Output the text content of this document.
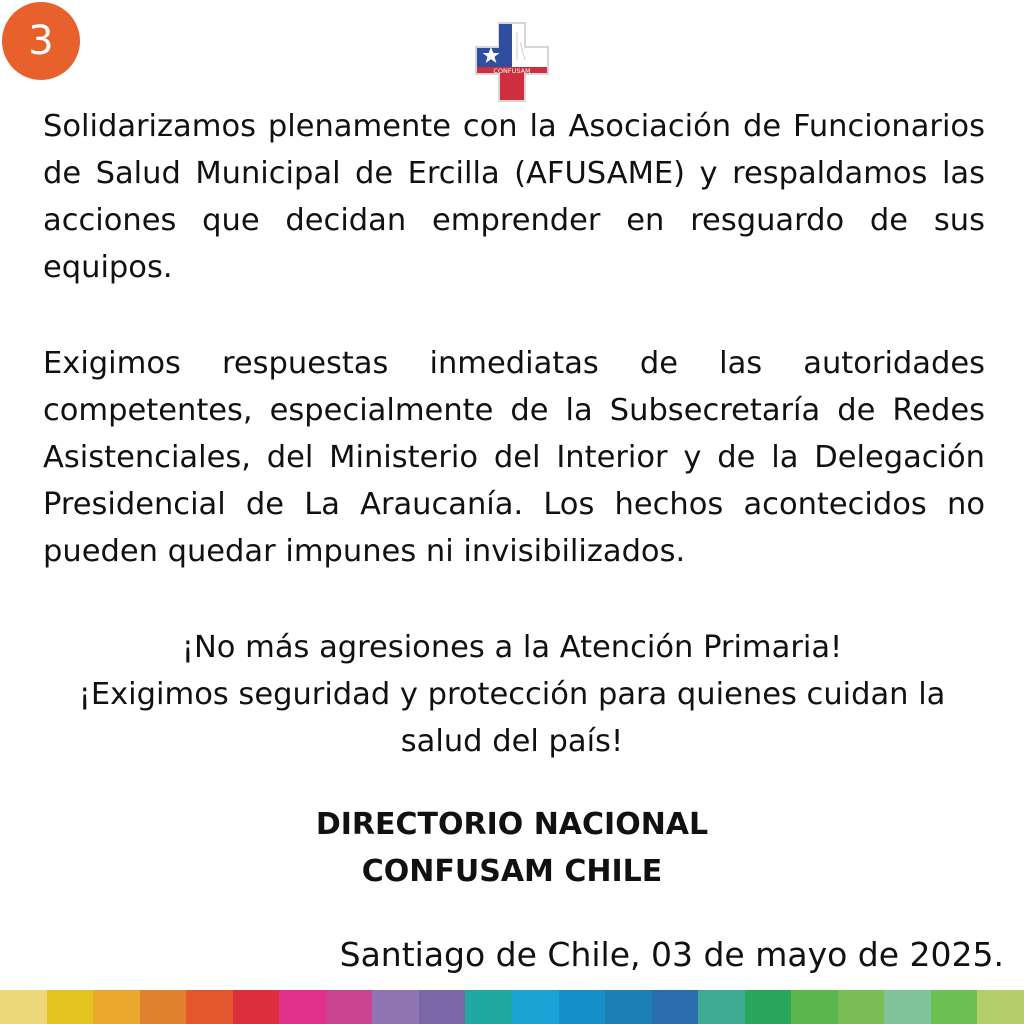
3
CONFUSAM

Solidarizamos plenamente con la Asociación de Funcionarios de Salud Municipal de Ercilla (AFUSAME) y respaldamos las acciones que decidan emprender en resguardo de sus equipos.

Exigimos respuestas inmediatas de las autoridades competentes, especialmente de la Subsecretaría de Redes Asistenciales, del Ministerio del Interior y de la Delegación Presidencial de La Araucanía. Los hechos acontecidos no pueden quedar impunes ni invisibilizados.

¡No más agresiones a la Atención Primaria!
¡Exigimos seguridad y protección para quienes cuidan la
salud del país!
DIRECTORIO NACIONAL
CONFUSAM CHILE
Santiago de Chile, 03 de mayo de 2025.
